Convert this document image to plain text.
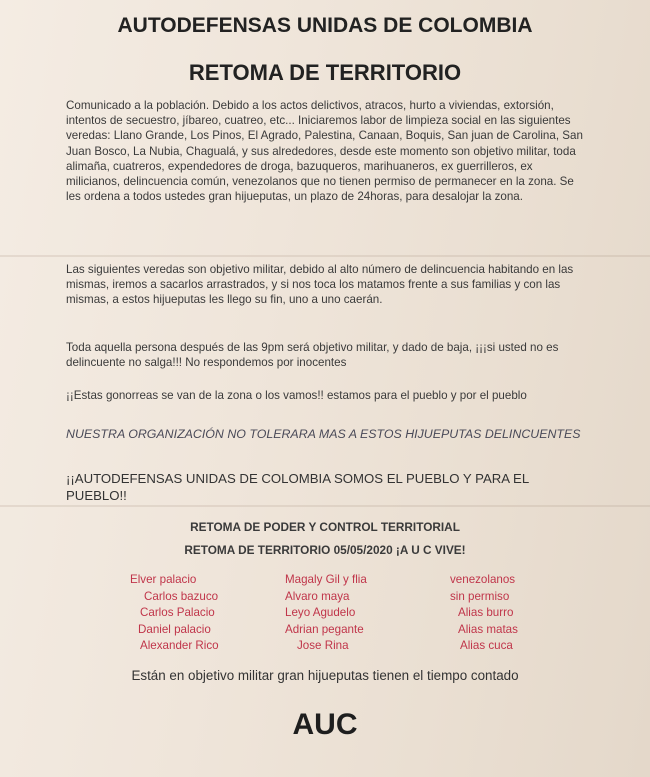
AUTODEFENSAS UNIDAS DE COLOMBIA
RETOMA DE TERRITORIO

Comunicado a la población. Debido a los actos delictivos, atracos, hurto a viviendas, extorsión, intentos de secuestro, jíbareo, cuatreo, etc... Iniciaremos labor de limpieza social en las siguientes veredas: Llano Grande, Los Pinos, El Agrado, Palestina, Canaan, Boquis, San juan de Carolina, San Juan Bosco, La Nubia, Chagualá, y sus alrededores, desde este momento son objetivo militar, toda alimaña, cuatreros, expendedores de droga, bazuqueros, marihuaneros, ex guerrilleros, ex milicianos, delincuencia común, venezolanos que no tienen permiso de permanecer en la zona. Se les ordena a todos ustedes gran hijueputas, un plazo de 24horas, para desalojar la zona.

Las siguientes veredas son objetivo militar, debido al alto número de delincuencia habitando en las mismas, iremos a sacarlos arrastrados, y si nos toca los matamos frente a sus familias y con las mismas, a estos hijueputas les llego su fin, uno a uno caerán.

Toda aquella persona después de las 9pm será objetivo militar, y dado de baja, ¡¡¡si usted no es delincuente no salga!!! No respondemos por inocentes

¡¡Estas gonorreas se van de la zona o los vamos!! estamos para el pueblo y por el pueblo

NUESTRA ORGANIZACIÓN NO TOLERARA MAS A ESTOS HIJUEPUTAS DELINCUENTES

¡¡AUTODEFENSAS UNIDAS DE COLOMBIA SOMOS EL PUEBLO Y PARA EL PUEBLO!!

RETOMA DE PODER Y CONTROL TERRITORIAL
RETOMA DE TERRITORIO 05/05/2020 ¡A U C VIVE!
Elver palacio	Magaly Gil y flia	venezolanos
Carlos bazuco	Alvaro maya	sin permiso
Carlos Palacio	Leyo Agudelo	Alias burro
Daniel palacio	Adrian pegante	Alias matas
Alexander Rico	Jose Rina	Alias cuca
Están en objetivo militar gran hijueputas tienen el tiempo contado
AUC
